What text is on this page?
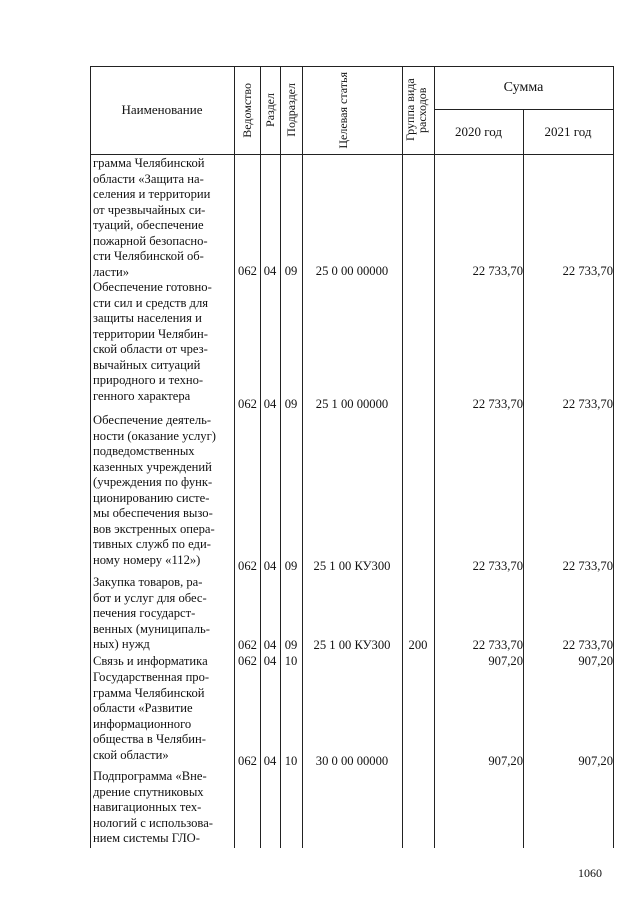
Наименование	Ведомство Раздел Подраздел	Целевая статья	Группа вида расходов
Сумма
2020 год	2021 год
грамма Челябинской
области «Защита на-
селения и территории
от чрезвычайных си-
туаций, обеспечение
пожарной безопасно-
сти Челябинской об-
ласти»	062 04 09	25 0 00 00000	22 733,70	22 733,70
Обеспечение готовно-
сти сил и средств для
защиты населения и
территории Челябин-
ской области от чрез-
вычайных ситуаций
природного и техно-
генного характера
062 04 09	25 1 00 00000	22 733,70	22 733,70
Обеспечение деятель-
ности (оказание услуг)
подведомственных
казенных учреждений
(учреждения по функ-
ционированию систе-
мы обеспечения вызо-
вов экстренных опера-
тивных служб по еди-
ному номеру «112»)	062 04 09	25 1 00 КУ300	22 733,70	22 733,70
Закупка товаров, ра-
бот и услуг для обес-
печения государст-
венных (муниципаль-
ных) нужд	062 04 09	25 1 00 КУ300	200	22 733,70	22 733,70
Связь и информатика	062 04 10	907,20	907,20
Государственная про-
грамма Челябинской
области «Развитие
информационного
общества в Челябин-
ской области»	062 04 10	30 0 00 00000	907,20	907,20
Подпрограмма «Вне-
дрение спутниковых
навигационных тех-
нологий с использова-
нием системы ГЛО-
1060
